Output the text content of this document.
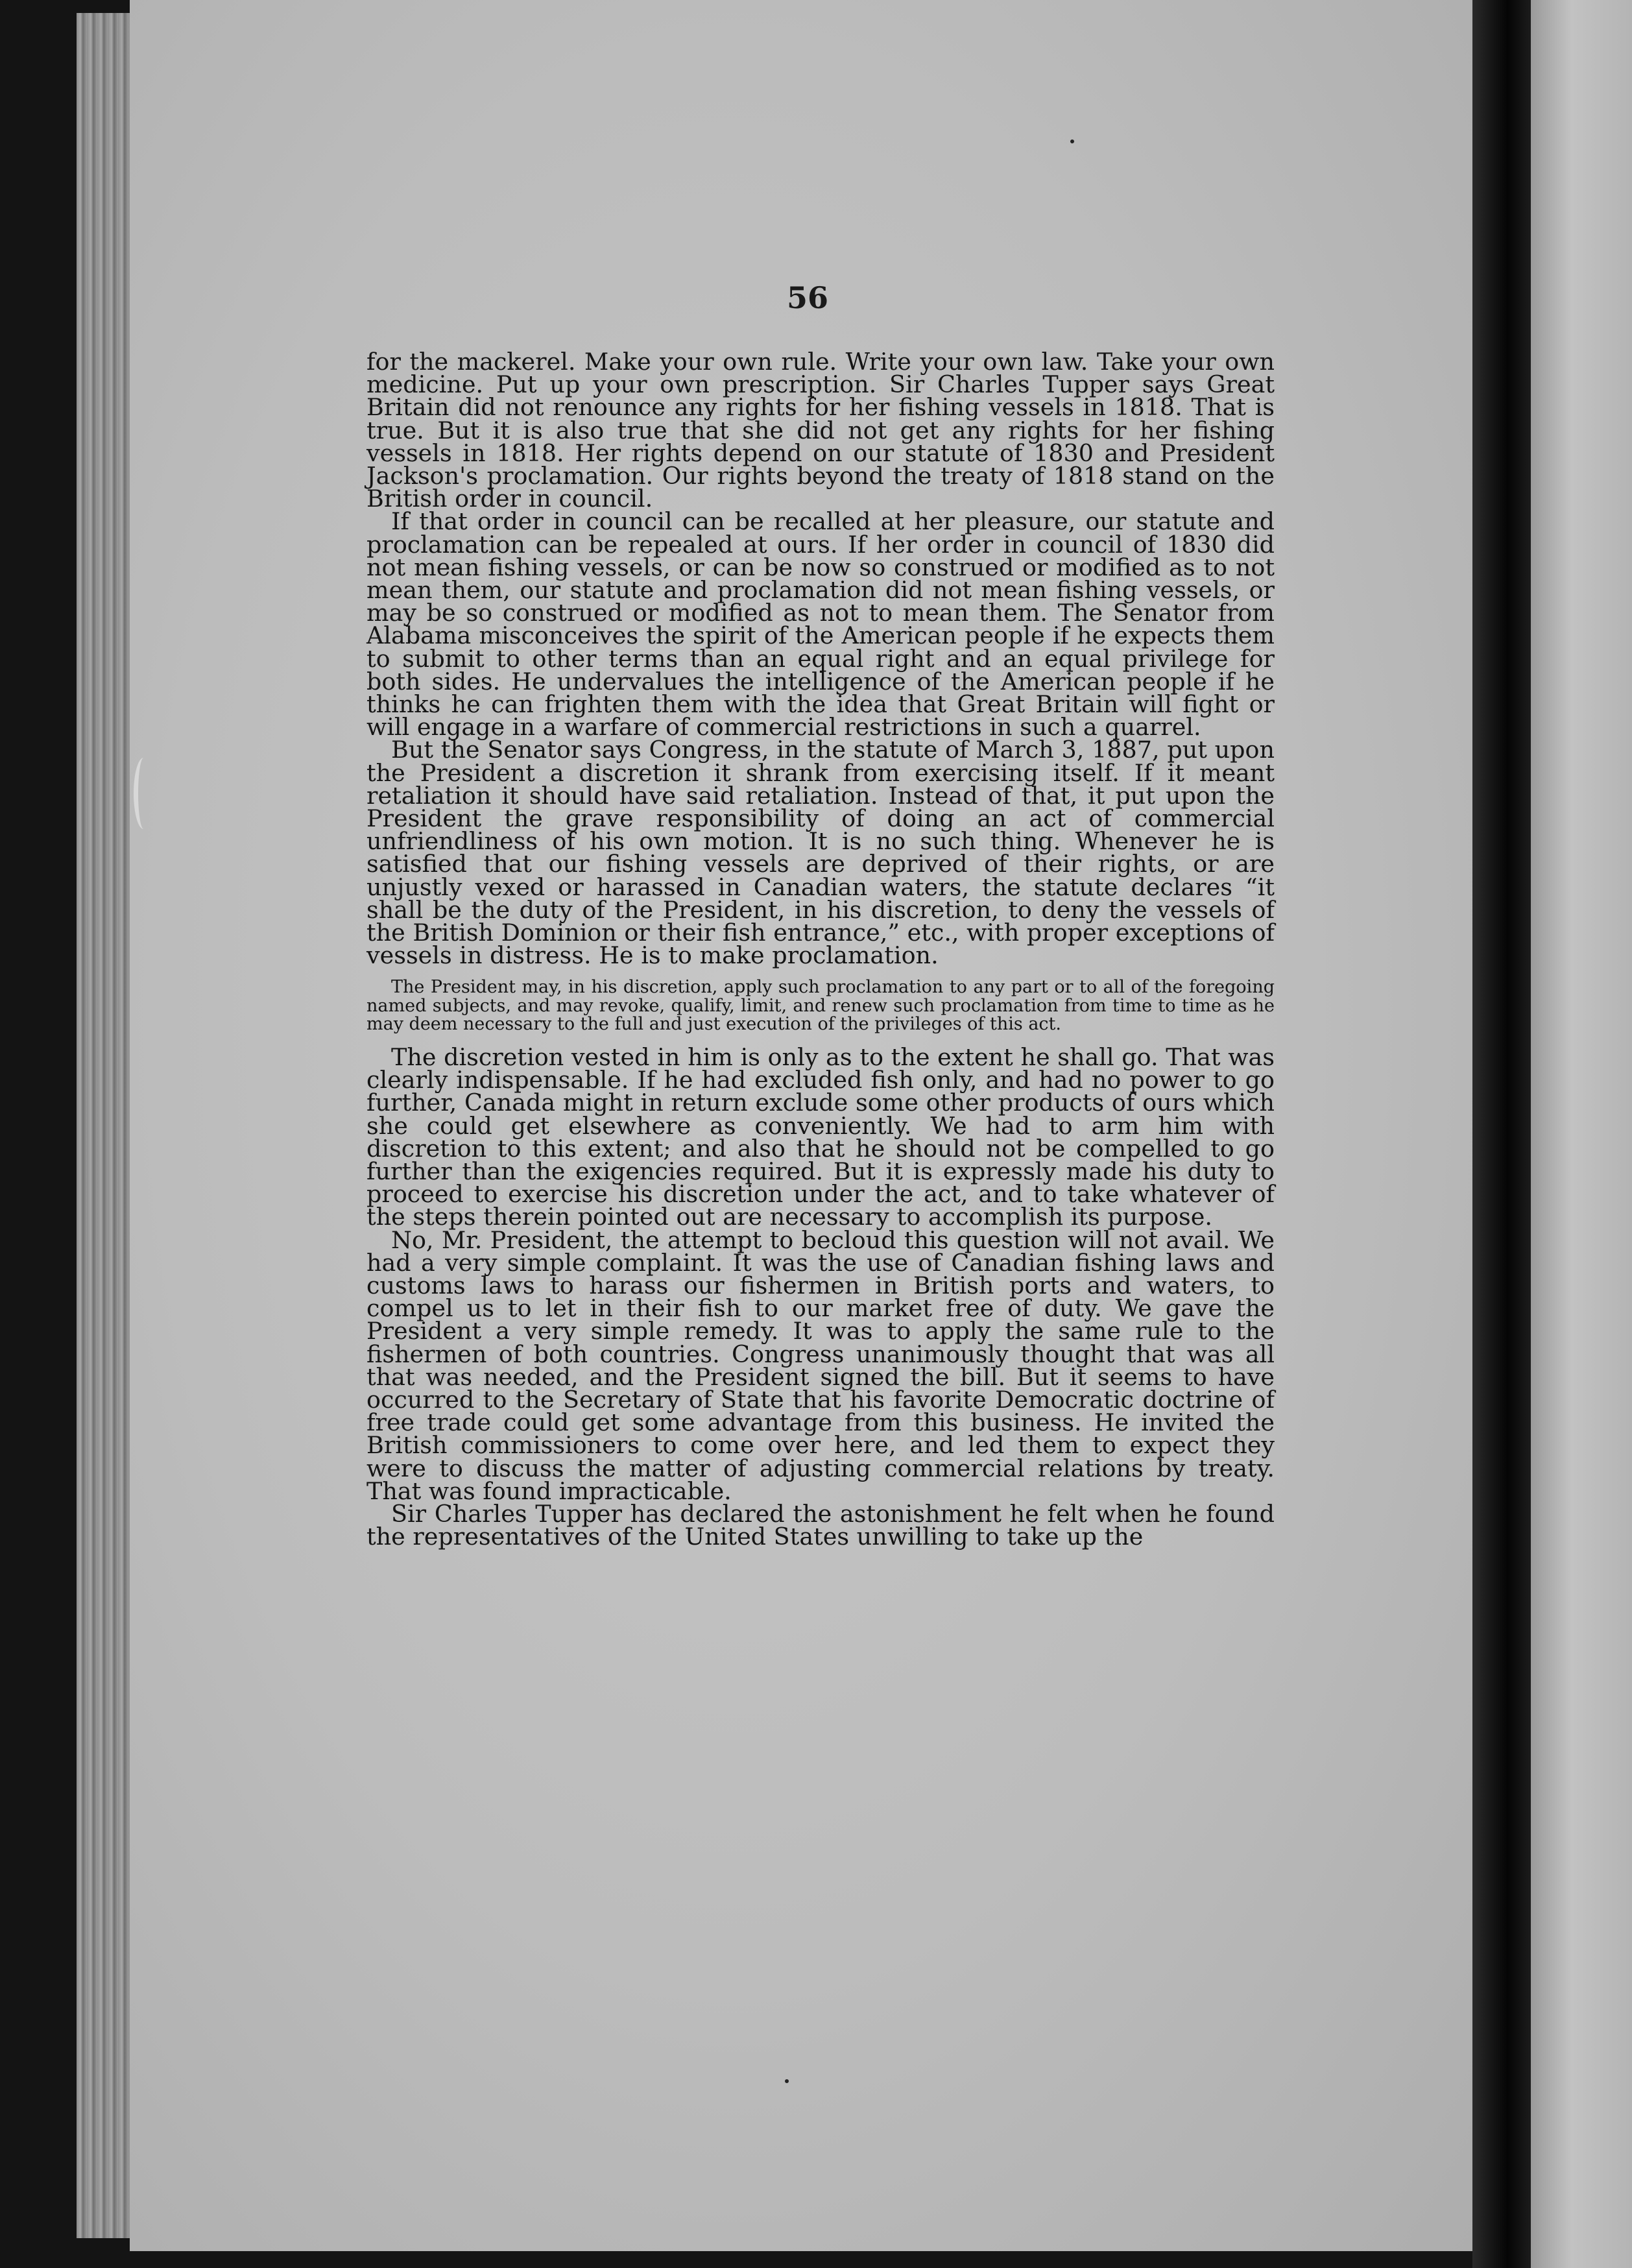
56

for the mackerel. Make your own rule. Write your own law. Take your own medicine. Put up your own prescription. Sir Charles Tupper says Great Britain did not renounce any rights for her fishing vessels in 1818. That is true. But it is also true that she did not get any rights for her fishing vessels in 1818. Her rights depend on our statute of 1830 and President Jackson's proclamation. Our rights beyond the treaty of 1818 stand on the British order in council.

If that order in council can be recalled at her pleasure, our statute and proclamation can be repealed at ours. If her order in council of 1830 did not mean fishing vessels, or can be now so construed or modified as to not mean them, our statute and proclamation did not mean fishing vessels, or may be so construed or modified as not to mean them. The Senator from Alabama misconceives the spirit of the American people if he expects them to submit to other terms than an equal right and an equal privilege for both sides. He undervalues the intelligence of the American people if he thinks he can frighten them with the idea that Great Britain will fight or will engage in a warfare of commercial restrictions in such a quarrel.

But the Senator says Congress, in the statute of March 3, 1887, put upon the President a discretion it shrank from exercising itself. If it meant retaliation it should have said retaliation. Instead of that, it put upon the President the grave responsibility of doing an act of commercial unfriendliness of his own motion. It is no such thing. Whenever he is satisfied that our fishing vessels are deprived of their rights, or are unjustly vexed or harassed in Canadian waters, the statute declares “it shall be the duty of the President, in his discretion, to deny the vessels of the British Dominion or their fish entrance,” etc., with proper exceptions of vessels in distress. He is to make proclamation.

The President may, in his discretion, apply such proclamation to any part or to all of the foregoing named subjects, and may revoke, qualify, limit, and renew such proclamation from time to time as he may deem necessary to the full and just execution of the privileges of this act.

The discretion vested in him is only as to the extent he shall go. That was clearly indispensable. If he had excluded fish only, and had no power to go further, Canada might in return exclude some other products of ours which she could get elsewhere as conveniently. We had to arm him with discretion to this extent; and also that he should not be compelled to go further than the exigencies required. But it is expressly made his duty to proceed to exercise his discretion under the act, and to take whatever of the steps therein pointed out are necessary to accomplish its purpose.

No, Mr. President, the attempt to becloud this question will not avail. We had a very simple complaint. It was the use of Canadian fishing laws and customs laws to harass our fishermen in British ports and waters, to compel us to let in their fish to our market free of duty. We gave the President a very simple remedy. It was to apply the same rule to the fishermen of both countries. Congress unanimously thought that was all that was needed, and the President signed the bill. But it seems to have occurred to the Secretary of State that his favorite Democratic doctrine of free trade could get some advantage from this business. He invited the British commissioners to come over here, and led them to expect they were to discuss the matter of adjusting commercial relations by treaty. That was found impracticable.

Sir Charles Tupper has declared the astonishment he felt when he found the representatives of the United States unwilling to take up the
